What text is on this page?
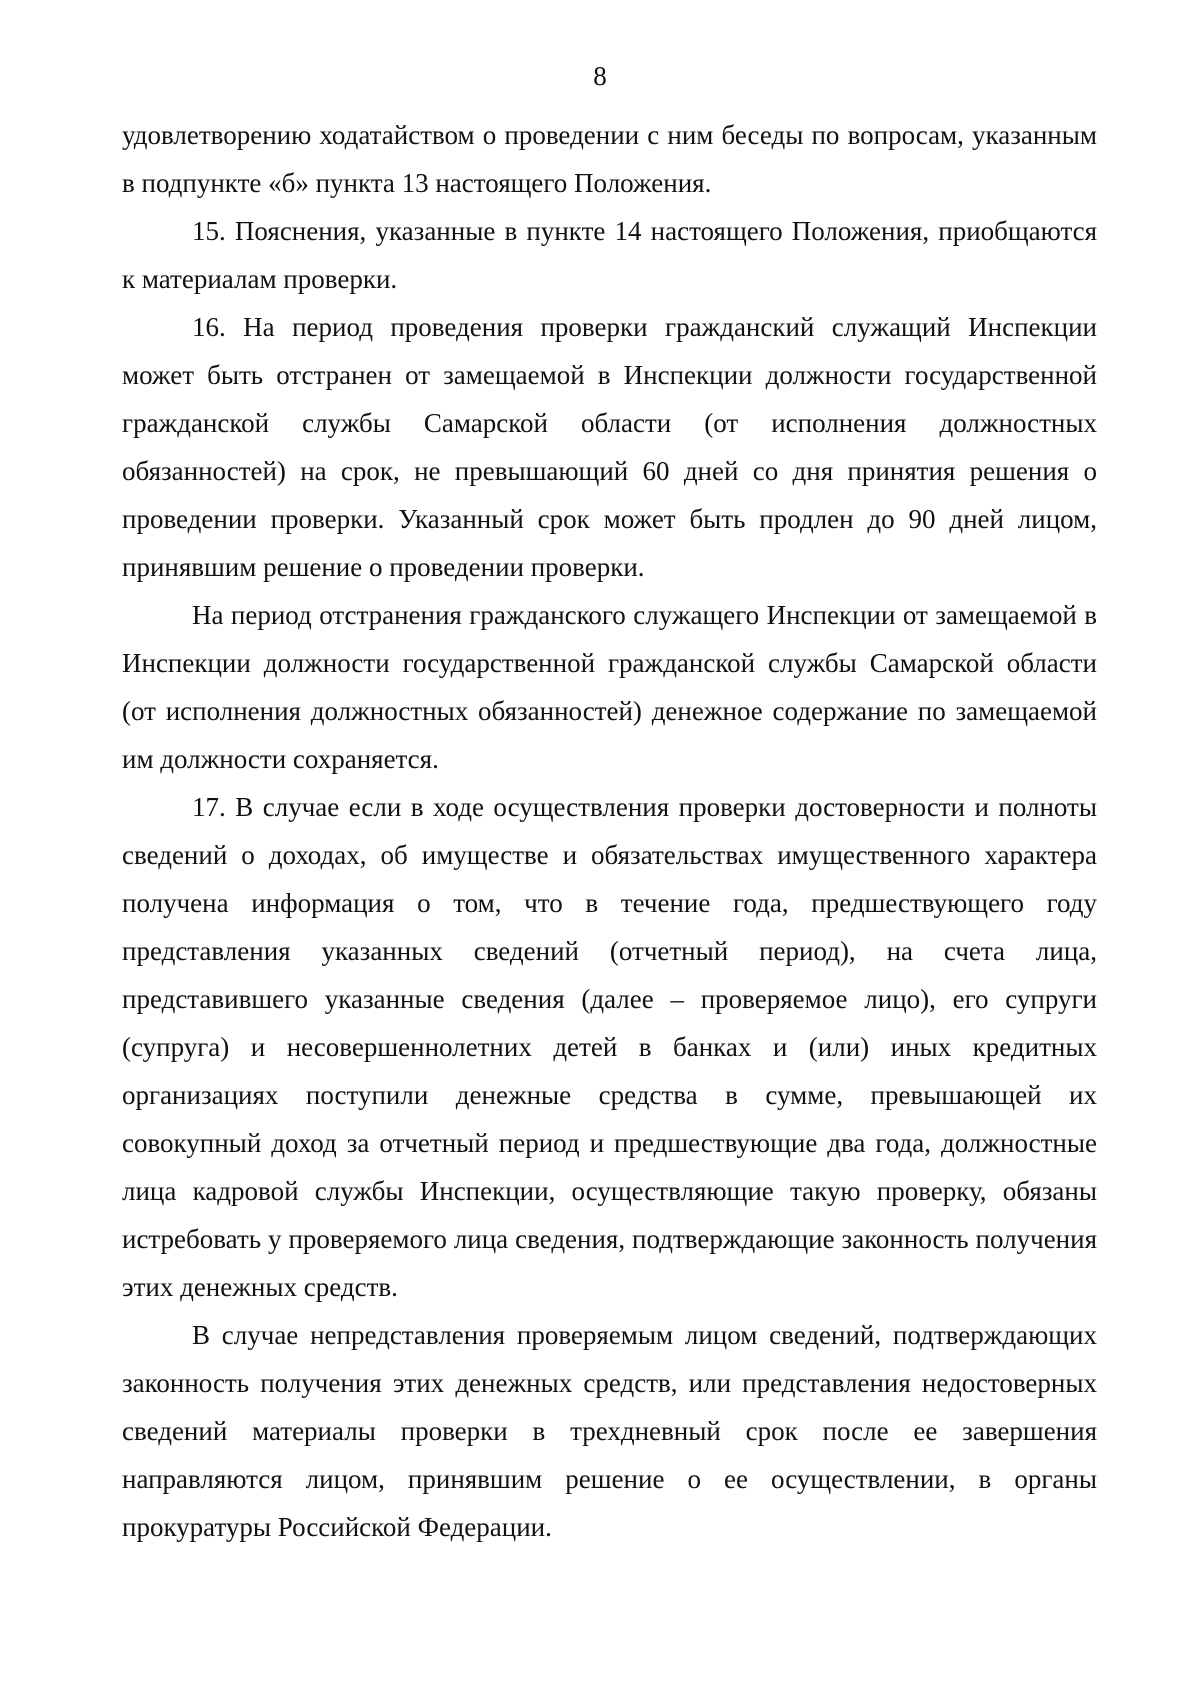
8

удовлетворению ходатайством о проведении с ним беседы по вопросам, указанным в подпункте «б» пункта 13 настоящего Положения.

15. Пояснения, указанные в пункте 14 настоящего Положения, приобщаются к материалам проверки.

16. На период проведения проверки гражданский служащий Инспекции может быть отстранен от замещаемой в Инспекции должности государственной гражданской службы Самарской области (от исполнения должностных обязанностей) на срок, не превышающий 60 дней со дня принятия решения о проведении проверки. Указанный срок может быть продлен до 90 дней лицом, принявшим решение о проведении проверки.

На период отстранения гражданского служащего Инспекции от замещаемой в Инспекции должности государственной гражданской службы Самарской области (от исполнения должностных обязанностей) денежное содержание по замещаемой им должности сохраняется.

17. В случае если в ходе осуществления проверки достоверности и полноты сведений о доходах, об имуществе и обязательствах имущественного характера получена информация о том, что в течение года, предшествующего году представления указанных сведений (отчетный период), на счета лица, представившего указанные сведения (далее – проверяемое лицо), его супруги (супруга) и несовершеннолетних детей в банках и (или) иных кредитных организациях поступили денежные средства в сумме, превышающей их совокупный доход за отчетный период и предшествующие два года, должностные лица кадровой службы Инспекции, осуществляющие такую проверку, обязаны истребовать у проверяемого лица сведения, подтверждающие законность получения этих денежных средств.

В случае непредставления проверяемым лицом сведений, подтверждающих законность получения этих денежных средств, или представления недостоверных сведений материалы проверки в трехдневный срок после ее завершения направляются лицом, принявшим решение о ее осуществлении, в органы прокуратуры Российской Федерации.
